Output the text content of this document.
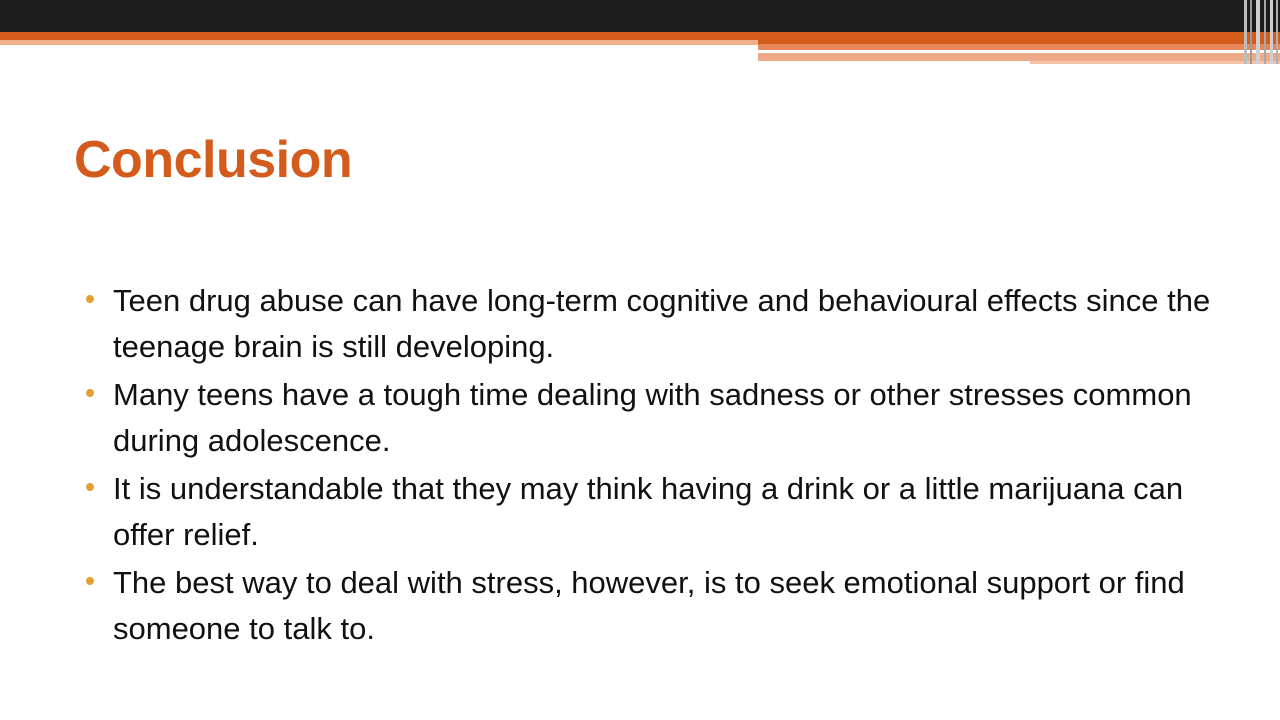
Conclusion
Teen drug abuse can have long-term cognitive and behavioural effects since the teenage brain is still developing.
Many teens have a tough time dealing with sadness or other stresses common during adolescence.
It is understandable that they may think having a drink or a little marijuana can offer relief.
The best way to deal with stress, however, is to seek emotional support or find someone to talk to.
